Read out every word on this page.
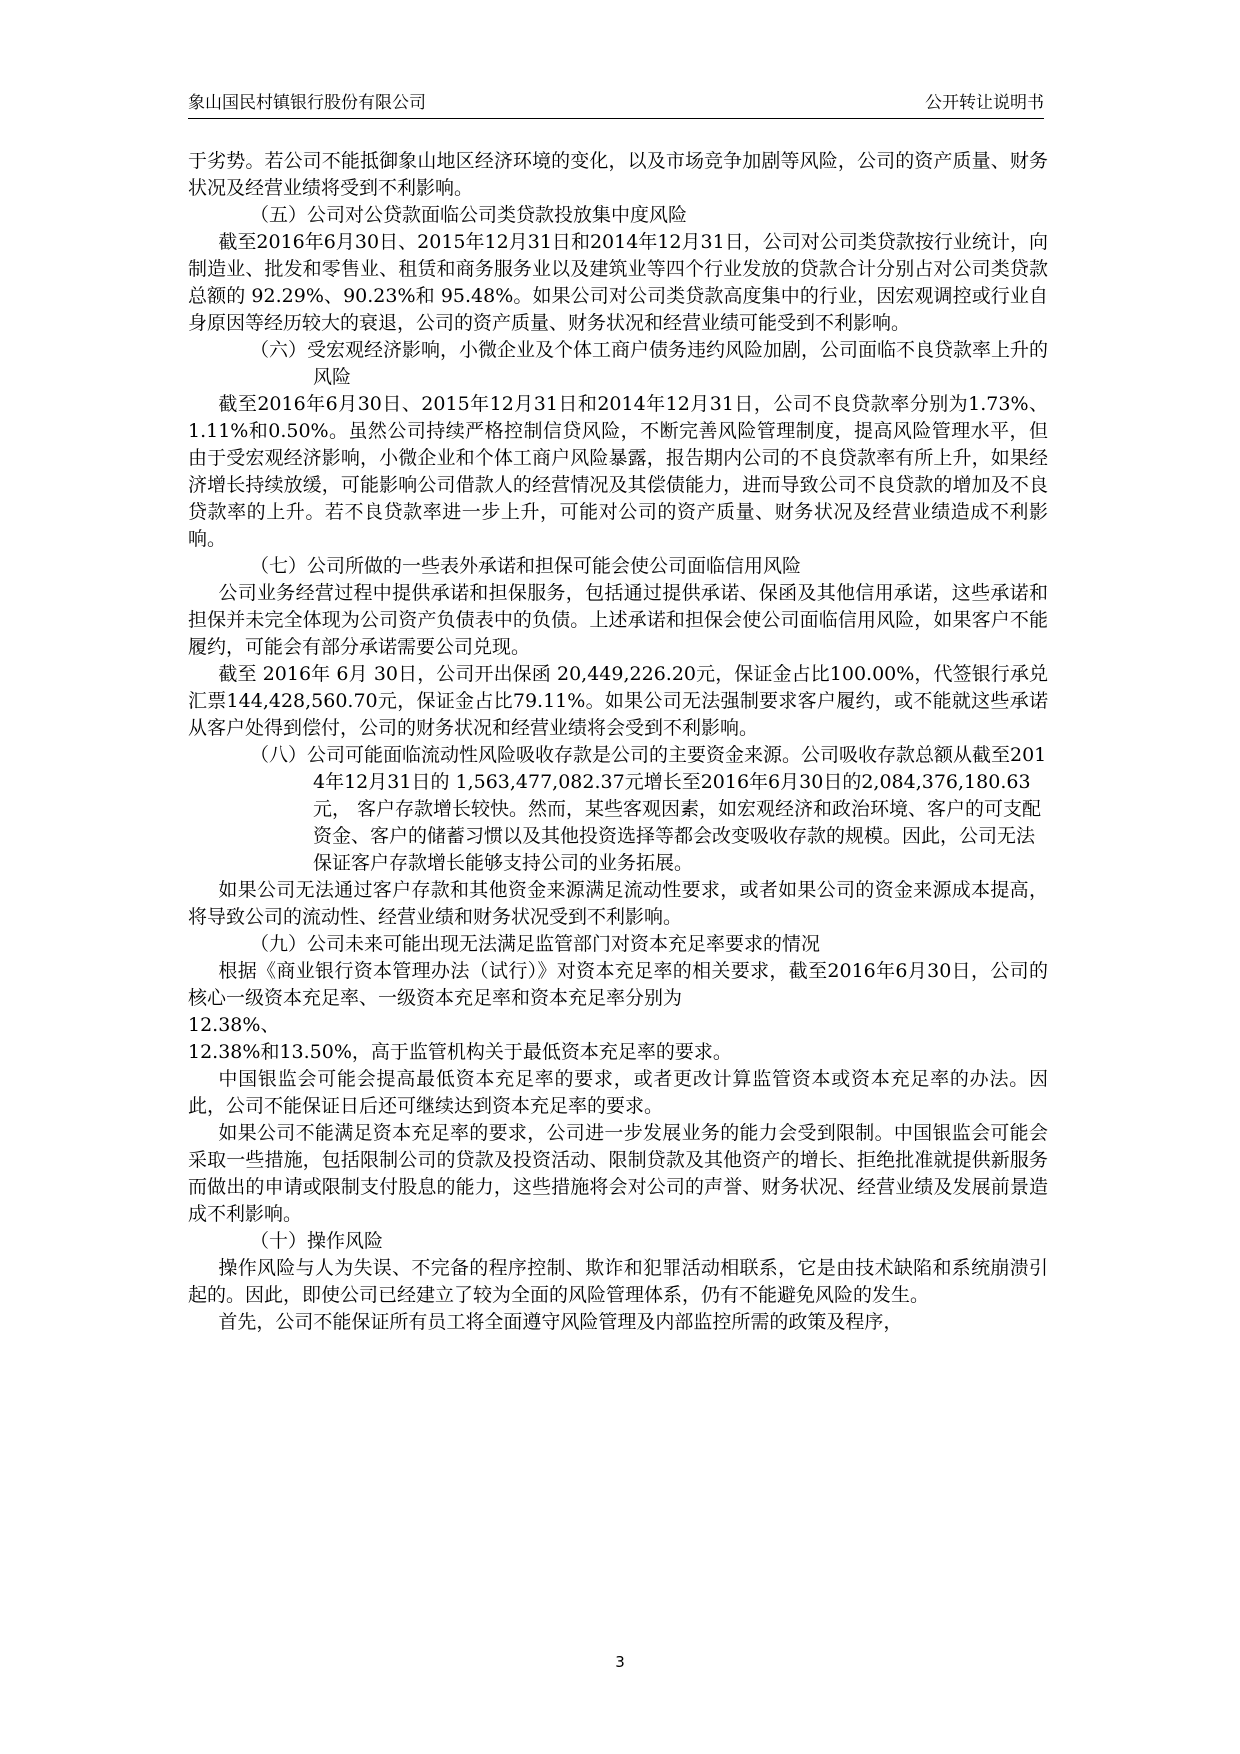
象山国民村镇银行股份有限公司	公开转让说明书

于劣势。若公司不能抵御象山地区经济环境的变化，以及市场竞争加剧等风险，公司的资产质量、财务状况及经营业绩将受到不利影响。

（五）公司对公贷款面临公司类贷款投放集中度风险

截至2016年6月30日、2015年12月31日和2014年12月31日，公司对公司类贷款按行业统计，向制造业、批发和零售业、租赁和商务服务业以及建筑业等四个行业发放的贷款合计分别占对公司类贷款总额的 92.29%、90.23%和 95.48%。如果公司对公司类贷款高度集中的行业，因宏观调控或行业自身原因等经历较大的衰退，公司的资产质量、财务状况和经营业绩可能受到不利影响。

（六）受宏观经济影响，小微企业及个体工商户债务违约风险加剧，公司面临不良贷款率上升的风险

截至2016年6月30日、2015年12月31日和2014年12月31日，公司不良贷款率分别为1.73%、1.11%和0.50%。虽然公司持续严格控制信贷风险，不断完善风险管理制度，提高风险管理水平，但由于受宏观经济影响，小微企业和个体工商户风险暴露，报告期内公司的不良贷款率有所上升，如果经济增长持续放缓，可能影响公司借款人的经营情况及其偿债能力，进而导致公司不良贷款的增加及不良贷款率的上升。若不良贷款率进一步上升，可能对公司的资产质量、财务状况及经营业绩造成不利影响。

（七）公司所做的一些表外承诺和担保可能会使公司面临信用风险

公司业务经营过程中提供承诺和担保服务，包括通过提供承诺、保函及其他信用承诺，这些承诺和担保并未完全体现为公司资产负债表中的负债。上述承诺和担保会使公司面临信用风险，如果客户不能履约，可能会有部分承诺需要公司兑现。

截至 2016年 6月 30日，公司开出保函 20,449,226.20元，保证金占比100.00%，代签银行承兑汇票144,428,560.70元，保证金占比79.11%。如果公司无法强制要求客户履约，或不能就这些承诺从客户处得到偿付，公司的财务状况和经营业绩将会受到不利影响。

（八）公司可能面临流动性风险吸收存款是公司的主要资金来源。公司吸收存款总额从截至2014年12月31日的 1,563,477,082.37元增长至2016年6月30日的2,084,376,180.63元， 客户存款增长较快。然而，某些客观因素，如宏观经济和政治环境、客户的可支配资金、客户的储蓄习惯以及其他投资选择等都会改变吸收存款的规模。因此，公司无法保证客户存款增长能够支持公司的业务拓展。

如果公司无法通过客户存款和其他资金来源满足流动性要求，或者如果公司的资金来源成本提高，将导致公司的流动性、经营业绩和财务状况受到不利影响。

（九）公司未来可能出现无法满足监管部门对资本充足率要求的情况

根据《商业银行资本管理办法（试行）》对资本充足率的相关要求，截至2016年6月30日，公司的核心一级资本充足率、一级资本充足率和资本充足率分别为

12.38%、

12.38%和13.50%，高于监管机构关于最低资本充足率的要求。

中国银监会可能会提高最低资本充足率的要求，或者更改计算监管资本或资本充足率的办法。因此，公司不能保证日后还可继续达到资本充足率的要求。

如果公司不能满足资本充足率的要求，公司进一步发展业务的能力会受到限制。中国银监会可能会采取一些措施，包括限制公司的贷款及投资活动、限制贷款及其他资产的增长、拒绝批准就提供新服务而做出的申请或限制支付股息的能力，这些措施将会对公司的声誉、财务状况、经营业绩及发展前景造成不利影响。

（十）操作风险

操作风险与人为失误、不完备的程序控制、欺诈和犯罪活动相联系，它是由技术缺陷和系统崩溃引起的。因此，即使公司已经建立了较为全面的风险管理体系，仍有不能避免风险的发生。

首先，公司不能保证所有员工将全面遵守风险管理及内部监控所需的政策及程序，

3
